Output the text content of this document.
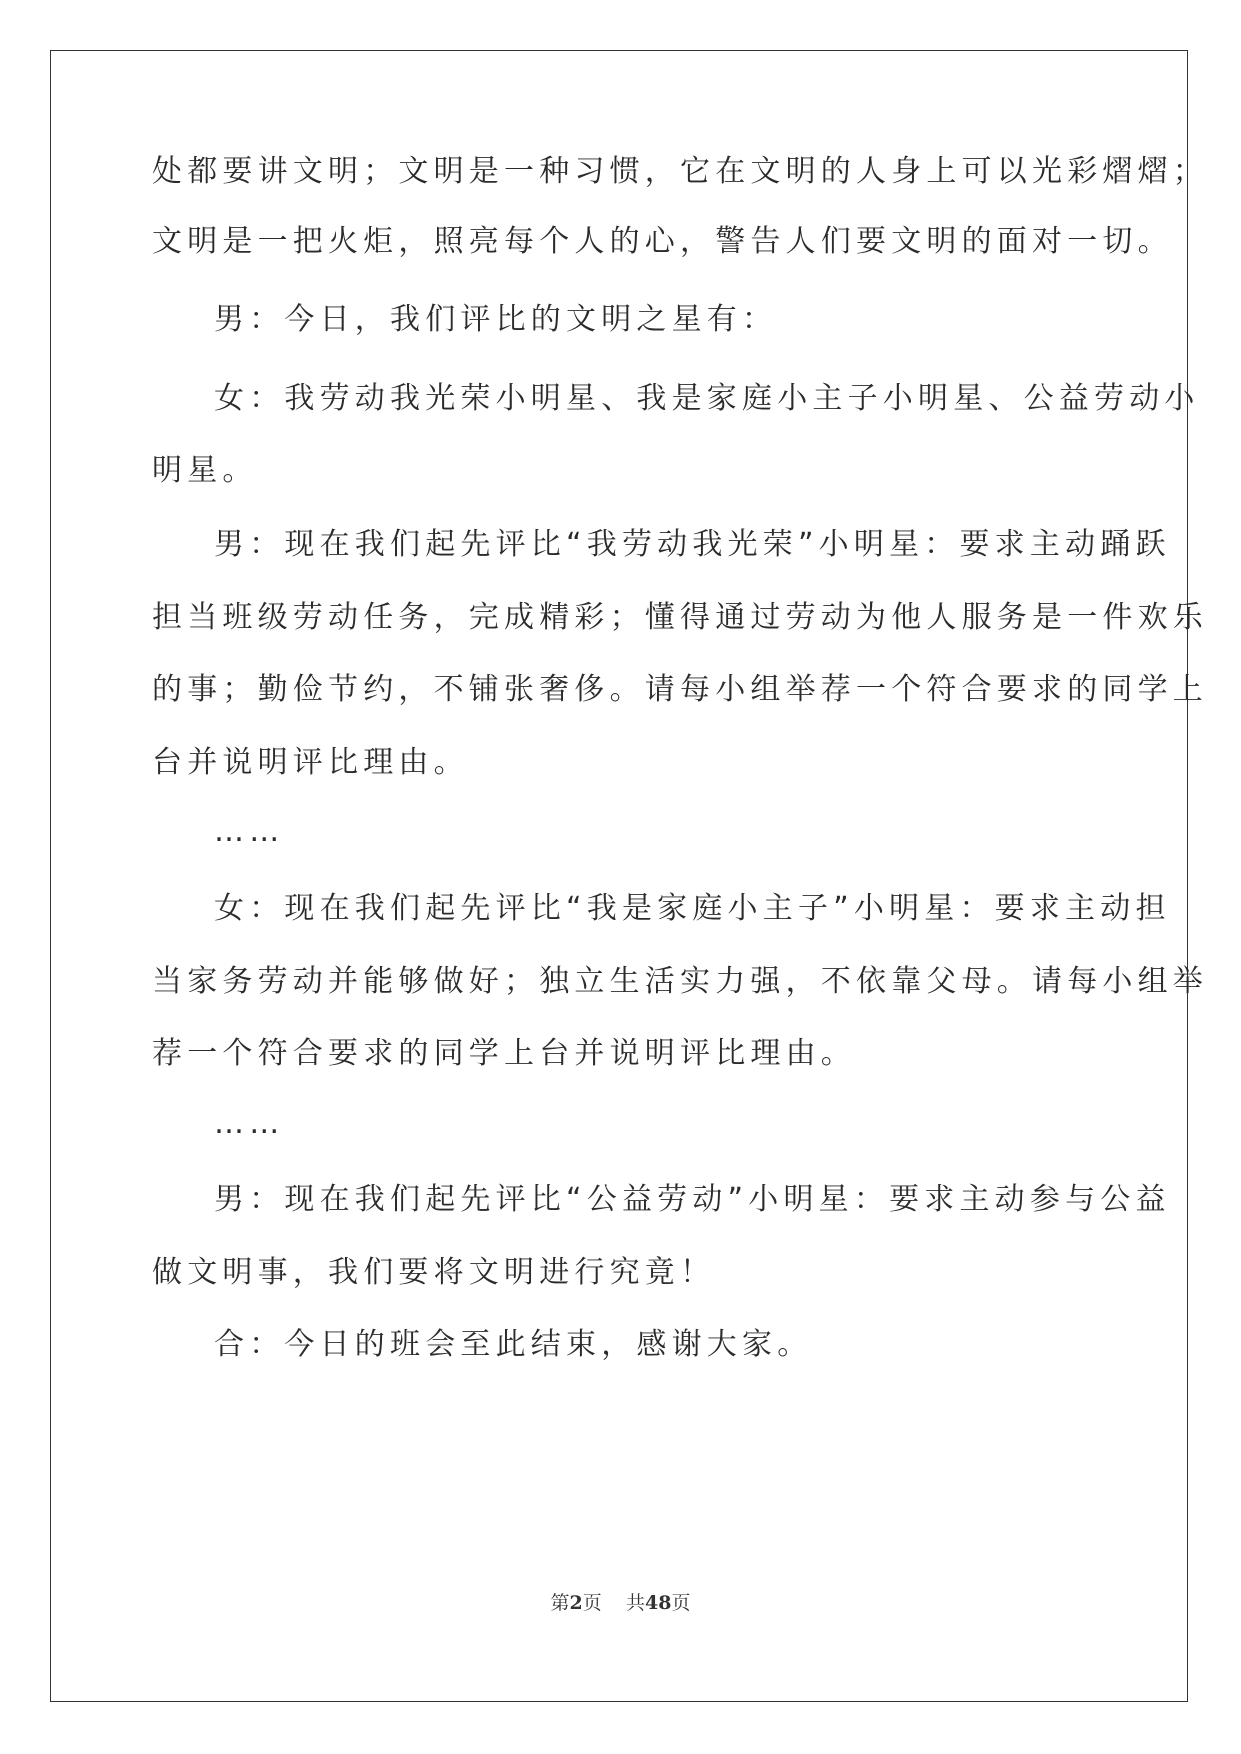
处都要讲文明；文明是一种习惯，它在文明的人身上可以光彩熠熠；
文明是一把火炬，照亮每个人的心，警告人们要文明的面对一切。
男：今日，我们评比的文明之星有：
女：我劳动我光荣小明星、我是家庭小主子小明星、公益劳动小
明星。
男：现在我们起先评比“我劳动我光荣”小明星：要求主动踊跃
担当班级劳动任务，完成精彩；懂得通过劳动为他人服务是一件欢乐
的事；勤俭节约，不铺张奢侈。请每小组举荐一个符合要求的同学上
台并说明评比理由。
……
女：现在我们起先评比“我是家庭小主子”小明星：要求主动担
当家务劳动并能够做好；独立生活实力强，不依靠父母。请每小组举
荐一个符合要求的同学上台并说明评比理由。
……
男：现在我们起先评比“公益劳动”小明星：要求主动参与公益
做文明事，我们要将文明进行究竟！
合：今日的班会至此结束，感谢大家。
第2页 共48页
